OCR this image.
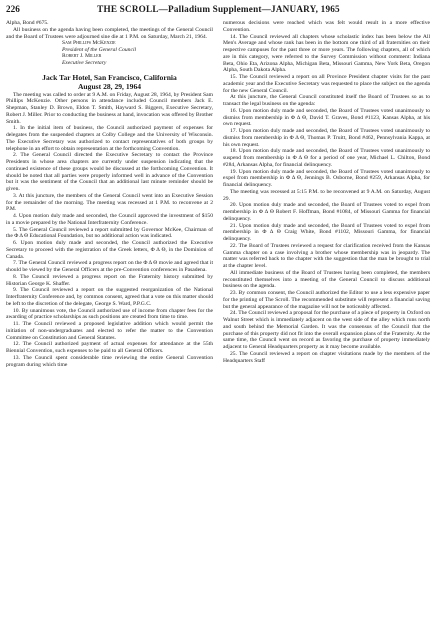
226	THE SCROLL—Palladium Supplement—JANUARY, 1965

Alpha, Bond #675.

All business on the agenda having been completed, the meetings of the General Council and the Board of Trustees were adjourned sine die at 1 P.M. on Saturday, March 21, 1964.

Sam Phillips McKenzie
President of the General Council
Robert J. Miller
Executive Secretary
Jack Tar Hotel, San Francisco, California
August 28, 29, 1964

The meeting was called to order at 9 A.M. on Friday, August 28, 1964, by President Sam Phillips McKenzie. Other persons in attendance included Council members Jack E. Shepman, Stanley D. Brown, Eldon T. Smith, Hayward S. Biggers, Executive Secretary, Robert J. Miller. Prior to conducting the business at hand, invocation was offered by Brother Smith.

1. In the initial item of business, the Council authorized payment of expenses for delegates from the suspended chapters at Colby College and the University of Wisconsin. The Executive Secretary was authorized to contact representatives of both groups by telephone in an effort to obtain representation at the forthcoming Convention.

2. The General Council directed the Executive Secretary to contact the Province Presidents in whose area chapters are currently under suspension indicating that the continued existence of these groups would be discussed at the forthcoming Convention. It should be noted that all parties were properly informed well in advance of the Convention but it was the sentiment of the Council that an additional last minute reminder should be given.

3. At this juncture, the members of the General Council went into an Executive Session for the remainder of the morning. The meeting was recessed at 1 P.M. to reconvene at 2 P.M.

4. Upon motion duly made and seconded, the Council approved the investment of $150 in a movie prepared by the National Interfraternity Conference.

5. The General Council reviewed a report submitted by Governor McKee, Chairman of the Φ Δ Θ Educational Foundation, but no additional action was indicated.

6. Upon motion duly made and seconded, the Council authorized the Executive Secretary to proceed with the registration of the Greek letters, Φ Δ Θ, in the Dominion of Canada.

7. The General Council reviewed a progress report on the Φ Δ Θ movie and agreed that it should be viewed by the General Officers at the pre-Convention conferences in Pasadena.

8. The Council reviewed a progress report on the Fraternity history submitted by Historian George K. Shaffer.

9. The Council reviewed a report on the suggested reorganization of the National Interfraternity Conference and, by common consent, agreed that a vote on this matter should be left to the discretion of the delegate, George S. Ward, P.P.G.C.

10. By unanimous vote, the Council authorized use of income from chapter fees for the awarding of practice scholarships as such positions are created from time to time.

11. The Council reviewed a proposed legislative addition which would permit the initiation of non-undergraduates and elected to refer the matter to the Convention Committee on Constitution and General Statutes.

12. The Council authorized payment of actual expenses for attendance at the 55th Biennial Convention, such expenses to be paid to all General Officers.

13. The Council spent considerable time reviewing the entire General Convention program during which time

numerous decisions were reached which was felt would result in a more effective Convention.

14. The Council reviewed all chapters whose scholastic index has been below the All Men's Average and whose rank has been in the bottom one third of all fraternities on their respective campuses for the past three or more years. The following chapters, all of which are in this category, were referred to the Survey Commission without comment: Indiana Beta, Ohio Eta, Arizona Alpha, Michigan Beta, Missouri Gamma, New York Beta, Oregon Alpha, South Dakota Alpha.

15. The Council reviewed a report on all Province President chapter visits for the past academic year and the Executive Secretary was requested to place the subject on the agenda for the new General Council.

At this juncture, the General Council constituted itself the Board of Trustees so as to transact the legal business on the agenda:

16. Upon motion duly made and seconded, the Board of Trustees voted unanimously to dismiss from membership in Φ Δ Θ, David T. Graves, Bond #1123, Kansas Alpha, at his own request.

17. Upon motion duly made and seconded, the Board of Trustees voted unanimously to dismiss from membership in Φ Δ Θ, Thomas P. Truitt, Bond #462, Pennsylvania Kappa, at his own request.

18. Upon motion duly made and seconded, the Board of Trustees voted unanimously to suspend from membership in Φ Δ Θ for a period of one year, Michael L. Chilton, Bond #284, Arkansas Alpha, for financial delinquency.

19. Upon motion duly made and seconded, the Board of Trustees voted unanimously to expel from membership in Φ Δ Θ, Jennings B. Osborne, Bond #259, Arkansas Alpha, for financial delinquency.

The meeting was recessed at 5:15 P.M. to be reconvened at 9 A.M. on Saturday, August 29.

20. Upon motion duly made and seconded, the Board of Trustees voted to expel from membership in Φ Δ Θ Robert F. Hoffman, Bond #1084, of Missouri Gamma for financial delinquency.

21. Upon motion duly made and seconded, the Board of Trustees voted to expel from membership in Φ Δ Θ Craig White, Bond #1102, Missouri Gamma, for financial delinquency.

22. The Board of Trustees reviewed a request for clarification received from the Kansas Gamma chapter on a case involving a brother whose membership was in jeopardy. The matter was referred back to the chapter with the suggestion that the man be brought to trial at the chapter level.

All immediate business of the Board of Trustees having been completed, the members reconstituted themselves into a meeting of the General Council to discuss additional business on the agenda.

23. By common consent, the Council authorized the Editor to use a less expensive paper for the printing of The Scroll. The recommended substitute will represent a financial saving but the general appearance of the magazine will not be noticeably affected.

24. The Council reviewed a proposal for the purchase of a piece of property in Oxford on Walnut Street which is immediately adjacent on the west side of the alley which runs north and south behind the Memorial Garden. It was the consensus of the Council that the purchase of this property did not fit into the overall expansion plans of the Fraternity. At the same time, the Council went on record as favoring the purchase of property immediately adjacent to General Headquarters property as it may become available.

25. The Council reviewed a report on chapter visitations made by the members of the Headquarters Staff
